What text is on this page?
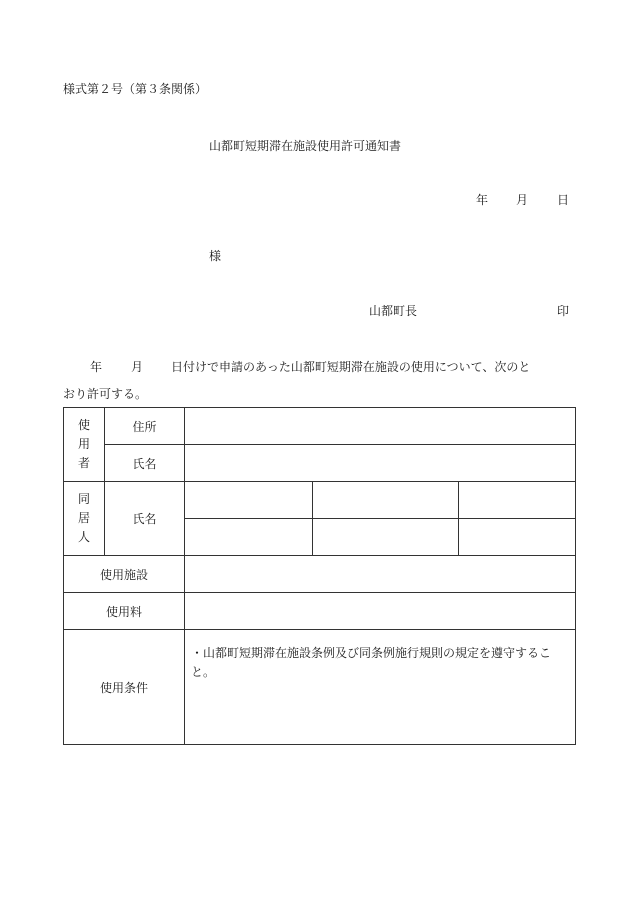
様式第２号（第３条関係）
山都町短期滞在施設使用許可通知書
年 月 日
様
山都町長	印
年 月 日付けで申請のあった山都町短期滞在施設の使用について、次のと
おり許可する。
使
用
者	住所			
	氏名			

同
居
人	氏名			

使用施設				
使用料				
使用条件		・山都町短期滞在施設条例及び同条例施行規則の規定を遵守すること。		
